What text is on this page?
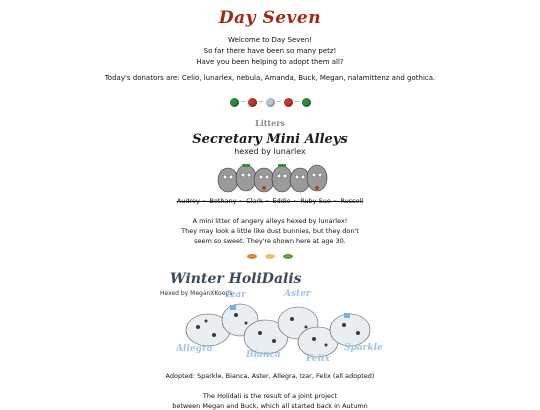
Day Seven
Welcome to Day Seven!
So far there have been so many petz!
Have you been helping to adopt them all?
Today's donators are: Celio, lunarlex, nebula, Amanda, Buck, Megan, nalamittenz and gothica.
—	—	—	—
Litters
Secretary Mini Alleys
hexed by lunarlex
Audrey ~ Bethany ~ Clark ~ Eddie ~ Ruby Sue ~ Russell
A mini litter of angery alleys hexed by lunarlex!
They may look a little like dust bunnies, but they don't
seem so sweet. They're shown here at age 30.
Winter HoliDalis
Hexed by MeganXKoops
Izar	Aster
Allegra
Bianca	Felix
Sparkle
Adopted: Sparkle, Bianca, Aster, Allegra, Izar, Felix (all adopted)
The Holidali is the result of a joint project
between Megan and Buck, which all started back in Autumn
